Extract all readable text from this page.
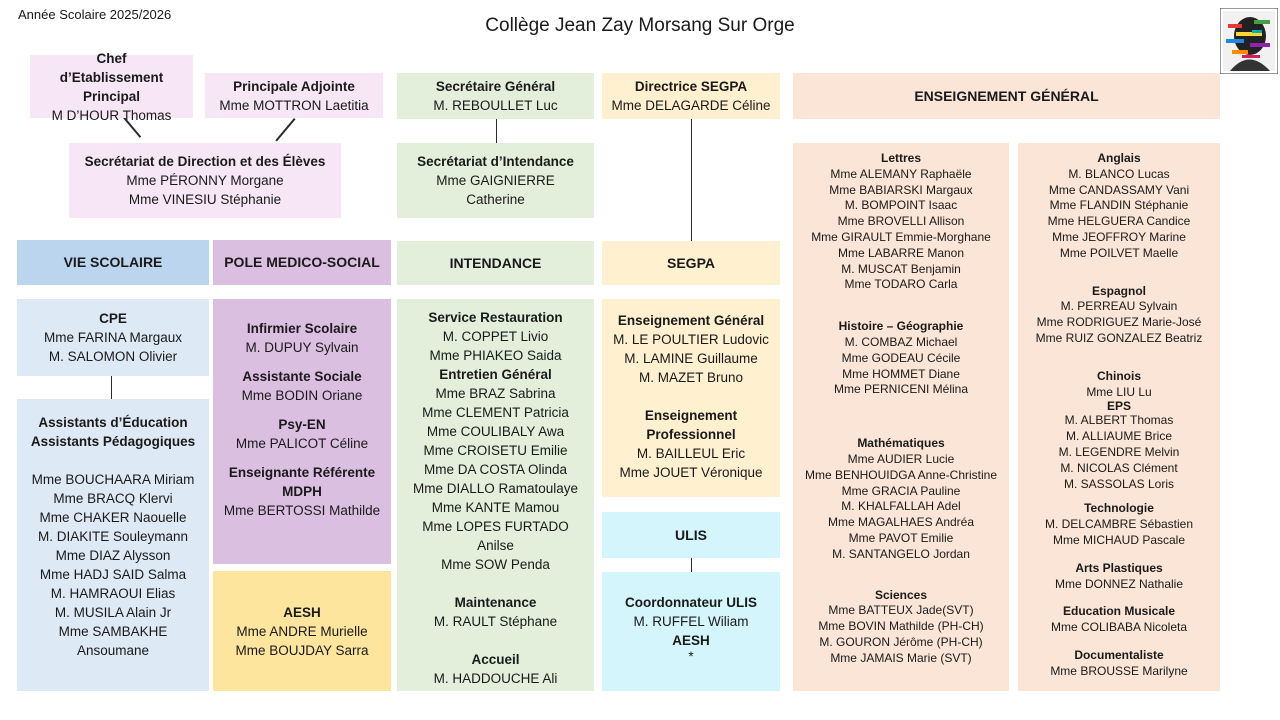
Année Scolaire 2025/2026
Collège Jean Zay Morsang Sur Orge
Chef d’Etablissement Principal
M D’HOUR Thomas
Principale Adjointe
Mme MOTTRON Laetitia
Secrétariat de Direction et des Élèves
Mme PÉRONNY Morgane
Mme VINESIU Stéphanie
Secrétaire Général
M. REBOULLET Luc
Secrétariat d’Intendance
Mme GAIGNIERRE
Catherine
Directrice SEGPA
Mme DELAGARDE Céline
ENSEIGNEMENT GÉNÉRAL
VIE SCOLAIRE	POLE MEDICO-SOCIAL	INTENDANCE	SEGPA
CPE
Mme FARINA Margaux
M. SALOMON Olivier
Assistants d’Éducation
Assistants Pédagogiques
Mme BOUCHAARA Miriam
Mme BRACQ Klervi
Mme CHAKER Naouelle
M. DIAKITE Souleymann
Mme DIAZ Alysson
Mme HADJ SAID Salma
M. HAMRAOUI Elias
M. MUSILA Alain Jr
Mme SAMBAKHE
Ansoumane
Infirmier Scolaire
M. DUPUY Sylvain
Assistante Sociale
Mme BODIN Oriane
Psy-EN
Mme PALICOT Céline
Enseignante Référente MDPH
Mme BERTOSSI Mathilde
AESH
Mme ANDRE Murielle
Mme BOUJDAY Sarra
Service Restauration
M. COPPET Livio
Mme PHIAKEO Saida
Entretien Général
Mme BRAZ Sabrina
Mme CLEMENT Patricia
Mme COULIBALY Awa
Mme CROISETU Emilie
Mme DA COSTA Olinda
Mme DIALLO Ramatoulaye
Mme KANTE Mamou
Mme LOPES FURTADO
Anilse
Mme SOW Penda
Maintenance
M. RAULT Stéphane
Accueil
M. HADDOUCHE Ali
Enseignement Général
M. LE POULTIER Ludovic
M. LAMINE Guillaume
M. MAZET Bruno
Enseignement Professionnel
M. BAILLEUL Eric
Mme JOUET Véronique
ULIS
Coordonnateur ULIS
M. RUFFEL Wiliam
AESH
*
Lettres
Mme ALEMANY Raphaële
Mme BABIARSKI Margaux
M. BOMPOINT Isaac
Mme BROVELLI Allison
Mme GIRAULT Emmie-Morghane
Mme LABARRE Manon
M. MUSCAT Benjamin
Mme TODARO Carla
Histoire – Géographie
M. COMBAZ Michael
Mme GODEAU Cécile
Mme HOMMET Diane
Mme PERNICENI Mélina
Mathématiques
Mme AUDIER Lucie
Mme BENHOUIDGA Anne-Christine
Mme GRACIA Pauline
M. KHALFALLAH Adel
Mme MAGALHAES Andréa
Mme PAVOT Emilie
M. SANTANGELO Jordan
Sciences
Mme BATTEUX Jade(SVT)
Mme BOVIN Mathilde (PH-CH)
M. GOURON Jérôme (PH-CH)
Mme JAMAIS Marie (SVT)
Anglais
M. BLANCO Lucas
Mme CANDASSAMY Vani
Mme FLANDIN Stéphanie
Mme HELGUERA Candice
Mme JEOFFROY Marine
Mme POILVET Maelle
Espagnol
M. PERREAU Sylvain
Mme RODRIGUEZ Marie-José
Mme RUIZ GONZALEZ Beatriz
Chinois
Mme LIU Lu
EPS
M. ALBERT Thomas
M. ALLIAUME Brice
M. LEGENDRE Melvin
M. NICOLAS Clément
M. SASSOLAS Loris
Technologie
M. DELCAMBRE Sébastien
Mme MICHAUD Pascale
Arts Plastiques
Mme DONNEZ Nathalie
Education Musicale
Mme COLIBABA Nicoleta
Documentaliste
Mme BROUSSE Marilyne
